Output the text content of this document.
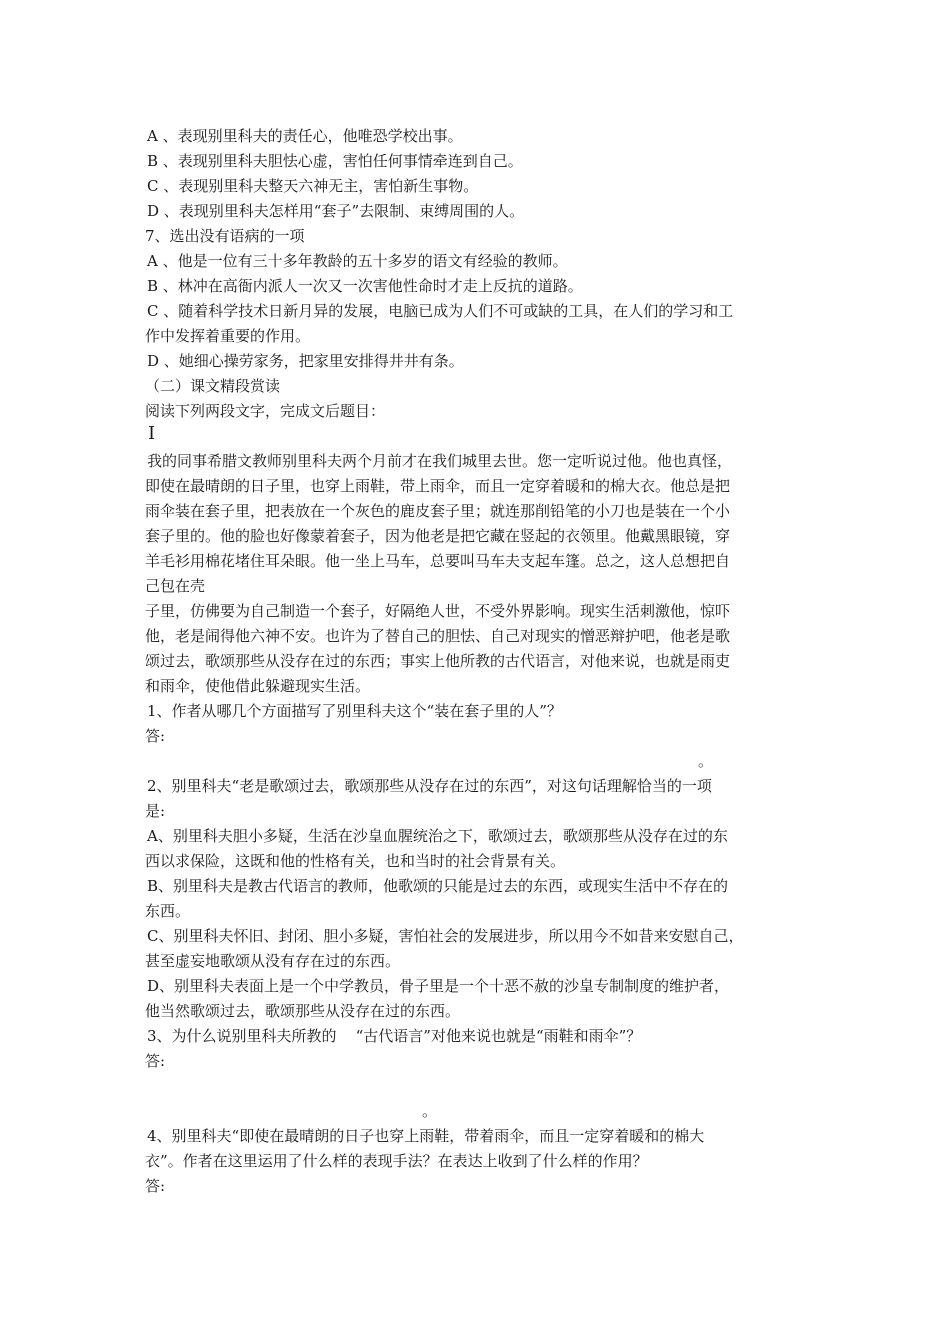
A 、表现别里科夫的责任心，他唯恐学校出事。
B 、表现别里科夫胆怯心虚，害怕任何事情牵连到自己。
C 、表现别里科夫整天六神无主，害怕新生事物。
D 、表现别里科夫怎样用“套子”去限制、束缚周围的人。
7、选出没有语病的一项
A 、他是一位有三十多年教龄的五十多岁的语文有经验的教师。
B 、林冲在高衙内派人一次又一次害他性命时才走上反抗的道路。
C 、随着科学技术日新月异的发展，电脑已成为人们不可或缺的工具，在人们的学习和工
作中发挥着重要的作用。
D 、她细心操劳家务，把家里安排得井井有条。
（二）课文精段赏读
阅读下列两段文字，完成文后题目：
Ⅰ
我的同事希腊文教师别里科夫两个月前才在我们城里去世。您一定听说过他。他也真怪，
即使在最晴朗的日子里，也穿上雨鞋，带上雨伞，而且一定穿着暖和的棉大衣。他总是把
雨伞装在套子里，把表放在一个灰色的鹿皮套子里；就连那削铅笔的小刀也是装在一个小
套子里的。他的脸也好像蒙着套子，因为他老是把它藏在竖起的衣领里。他戴黑眼镜，穿
羊毛衫用棉花堵住耳朵眼。他一坐上马车，总要叫马车夫支起车篷。总之，这人总想把自
己包在壳
子里，仿佛要为自己制造一个套子，好隔绝人世，不受外界影响。现实生活刺激他，惊吓
他，老是闹得他六神不安。也许为了替自己的胆怯、自己对现实的憎恶辩护吧，他老是歌
颂过去，歌颂那些从没存在过的东西；事实上他所教的古代语言，对他来说，也就是雨吏
和雨伞，使他借此躲避现实生活。
1、作者从哪几个方面描写了别里科夫这个“装在套子里的人”？
答:
。
2、别里科夫“老是歌颂过去，歌颂那些从没存在过的东西”，对这句话理解恰当的一项
是:
A、别里科夫胆小多疑，生活在沙皇血腥统治之下，歌颂过去，歌颂那些从没存在过的东
西以求保险，这既和他的性格有关，也和当时的社会背景有关。
B、别里科夫是教古代语言的教师，他歌颂的只能是过去的东西，或现实生活中不存在的
东西。
C、别里科夫怀旧、封闭、胆小多疑，害怕社会的发展进步，所以用今不如昔来安慰自己，
甚至虚妄地歌颂从没有存在过的东西。
D、别里科夫表面上是一个中学教员，骨子里是一个十恶不赦的沙皇专制制度的维护者，
他当然歌颂过去，歌颂那些从没存在过的东西。
3、为什么说别里科夫所教的    “古代语言”对他来说也就是“雨鞋和雨伞”？
答:
。
4、别里科夫“即使在最晴朗的日子也穿上雨鞋，带着雨伞，而且一定穿着暖和的棉大
衣”。作者在这里运用了什么样的表现手法？在表达上收到了什么样的作用？
答:
